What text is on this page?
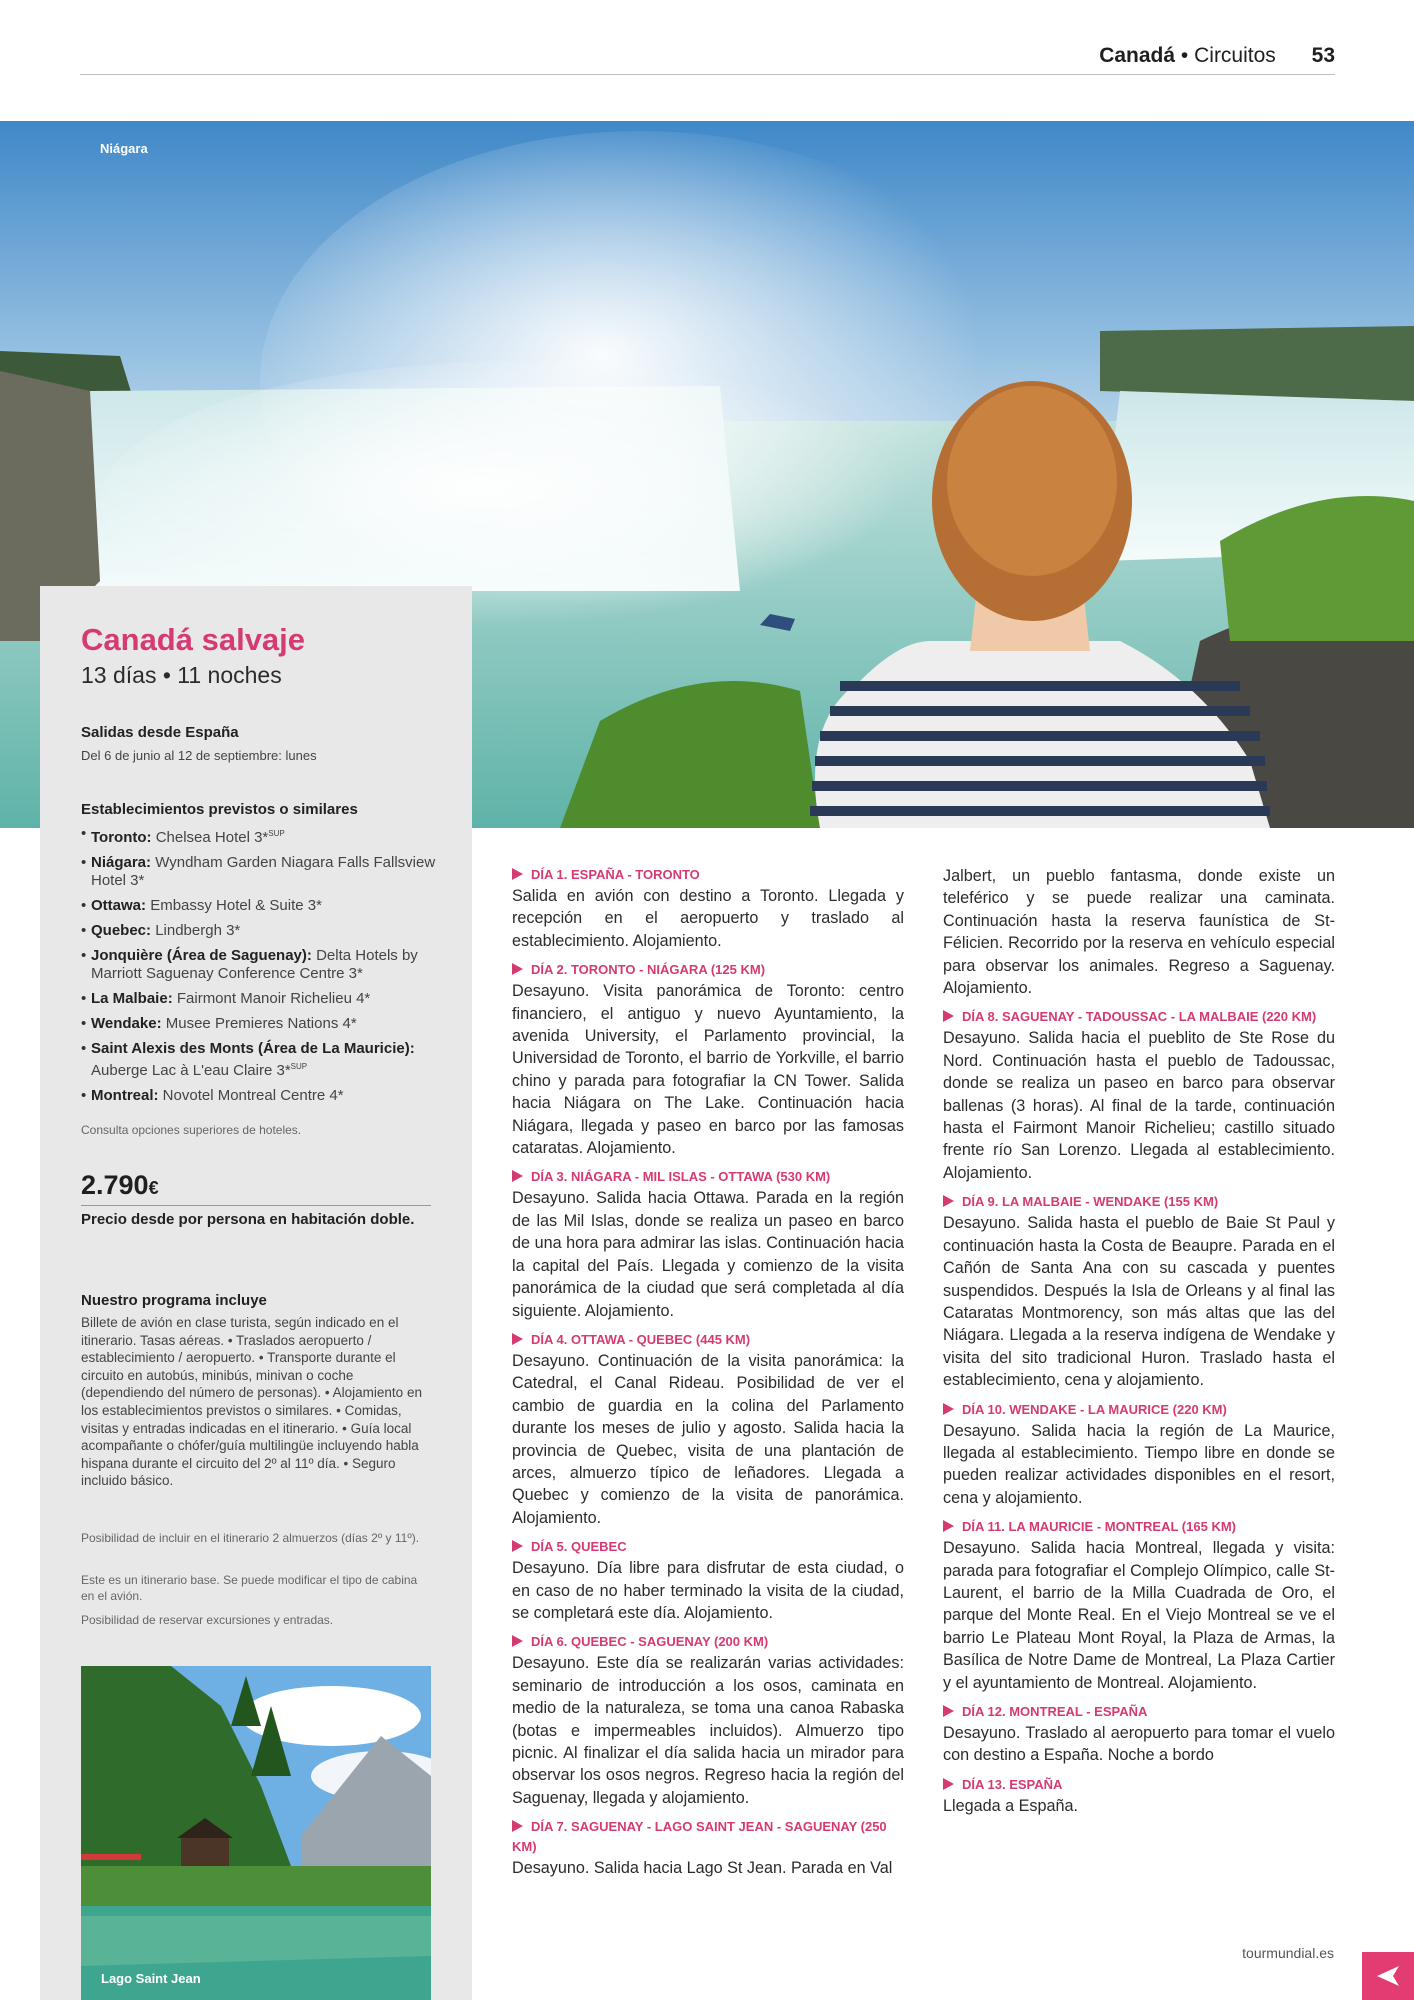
Canadá • Circuitos 53
Niágara
Canadá salvaje
13 días • 11 noches
Salidas desde España
Del 6 de junio al 12 de septiembre: lunes
Establecimientos previstos o similares
• Toronto: Chelsea Hotel 3*$^{SUP}$
• Niágara: Wyndham Garden Niagara Falls Fallsview Hotel 3*
• Ottawa: Embassy Hotel & Suite 3*
• Quebec: Lindbergh 3*
• Jonquière (Área de Saguenay): Delta Hotels by Marriott Saguenay Conference Centre 3*
• La Malbaie: Fairmont Manoir Richelieu 4*
• Wendake: Musee Premieres Nations 4*
• Saint Alexis des Monts (Área de La Mauricie): Auberge Lac à L'eau Claire 3*$^{SUP}$
• Montreal: Novotel Montreal Centre 4*
Consulta opciones superiores de hoteles.
2.790€
Precio desde por persona en habitación doble.
Nuestro programa incluye
Billete de avión en clase turista, según indicado en el itinerario. Tasas aéreas. • Traslados aeropuerto / establecimiento / aeropuerto. • Transporte durante el circuito en autobús, minibús, minivan o coche (dependiendo del número de personas). • Alojamiento en los establecimientos previstos o similares. • Comidas, visitas y entradas indicadas en el itinerario. • Guía local acompañante o chófer/guía multilingüe incluyendo habla hispana durante el circuito del 2º al 11º día. • Seguro incluido básico.
Posibilidad de incluir en el itinerario 2 almuerzos (días 2º y 11º).
Este es un itinerario base. Se puede modificar el tipo de cabina en el avión.
Posibilidad de reservar excursiones y entradas.
Lago Saint Jean
DÍA 1. ESPAÑA - TORONTO
Salida en avión con destino a Toronto. Llegada y recepción en el aeropuerto y traslado al establecimiento. Alojamiento.
DÍA 2. TORONTO - NIÁGARA (125 KM)
Desayuno. Visita panorámica de Toronto: centro financiero, el antiguo y nuevo Ayuntamiento, la avenida University, el Parlamento provincial, la Universidad de Toronto, el barrio de Yorkville, el barrio chino y parada para fotografiar la CN Tower. Salida hacia Niágara on The Lake. Continuación hacia Niágara, llegada y paseo en barco por las famosas cataratas. Alojamiento.
DÍA 3. NIÁGARA - MIL ISLAS - OTTAWA (530 KM)
Desayuno. Salida hacia Ottawa. Parada en la región de las Mil Islas, donde se realiza un paseo en barco de una hora para admirar las islas. Continuación hacia la capital del País. Llegada y comienzo de la visita panorámica de la ciudad que será completada al día siguiente. Alojamiento.
DÍA 4. OTTAWA - QUEBEC (445 KM)
Desayuno. Continuación de la visita panorámica: la Catedral, el Canal Rideau. Posibilidad de ver el cambio de guardia en la colina del Parlamento durante los meses de julio y agosto. Salida hacia la provincia de Quebec, visita de una plantación de arces, almuerzo típico de leñadores. Llegada a Quebec y comienzo de la visita de panorámica. Alojamiento.
DÍA 5. QUEBEC
Desayuno. Día libre para disfrutar de esta ciudad, o en caso de no haber terminado la visita de la ciudad, se completará este día. Alojamiento.
DÍA 6. QUEBEC - SAGUENAY (200 KM)
Desayuno. Este día se realizarán varias actividades: seminario de introducción a los osos, caminata en medio de la naturaleza, se toma una canoa Rabaska (botas e impermeables incluidos). Almuerzo tipo picnic. Al finalizar el día salida hacia un mirador para observar los osos negros. Regreso hacia la región del Saguenay, llegada y alojamiento.
DÍA 7. SAGUENAY - LAGO SAINT JEAN - SAGUENAY (250 KM)
Desayuno. Salida hacia Lago St Jean. Parada en Val
Jalbert, un pueblo fantasma, donde existe un teleférico y se puede realizar una caminata. Continuación hasta la reserva faunística de St-Félicien. Recorrido por la reserva en vehículo especial para observar los animales. Regreso a Saguenay. Alojamiento.
DÍA 8. SAGUENAY - TADOUSSAC - LA MALBAIE (220 KM)
Desayuno. Salida hacia el pueblito de Ste Rose du Nord. Continuación hasta el pueblo de Tadoussac, donde se realiza un paseo en barco para observar ballenas (3 horas). Al final de la tarde, continuación hasta el Fairmont Manoir Richelieu; castillo situado frente río San Lorenzo. Llegada al establecimiento. Alojamiento.
DÍA 9. LA MALBAIE - WENDAKE (155 KM)
Desayuno. Salida hasta el pueblo de Baie St Paul y continuación hasta la Costa de Beaupre. Parada en el Cañón de Santa Ana con su cascada y puentes suspendidos. Después la Isla de Orleans y al final las Cataratas Montmorency, son más altas que las del Niágara. Llegada a la reserva indígena de Wendake y visita del sito tradicional Huron. Traslado hasta el establecimiento, cena y alojamiento.
DÍA 10. WENDAKE - LA MAURICE (220 KM)
Desayuno. Salida hacia la región de La Maurice, llegada al establecimiento. Tiempo libre en donde se pueden realizar actividades disponibles en el resort, cena y alojamiento.
DÍA 11. LA MAURICIE - MONTREAL (165 KM)
Desayuno. Salida hacia Montreal, llegada y visita: parada para fotografiar el Complejo Olímpico, calle St-Laurent, el barrio de la Milla Cuadrada de Oro, el parque del Monte Real. En el Viejo Montreal se ve el barrio Le Plateau Mont Royal, la Plaza de Armas, la Basílica de Notre Dame de Montreal, La Plaza Cartier y el ayuntamiento de Montreal. Alojamiento.
DÍA 12. MONTREAL - ESPAÑA
Desayuno. Traslado al aeropuerto para tomar el vuelo con destino a España. Noche a bordo
DÍA 13. ESPAÑA
Llegada a España.
tourmundial.es
